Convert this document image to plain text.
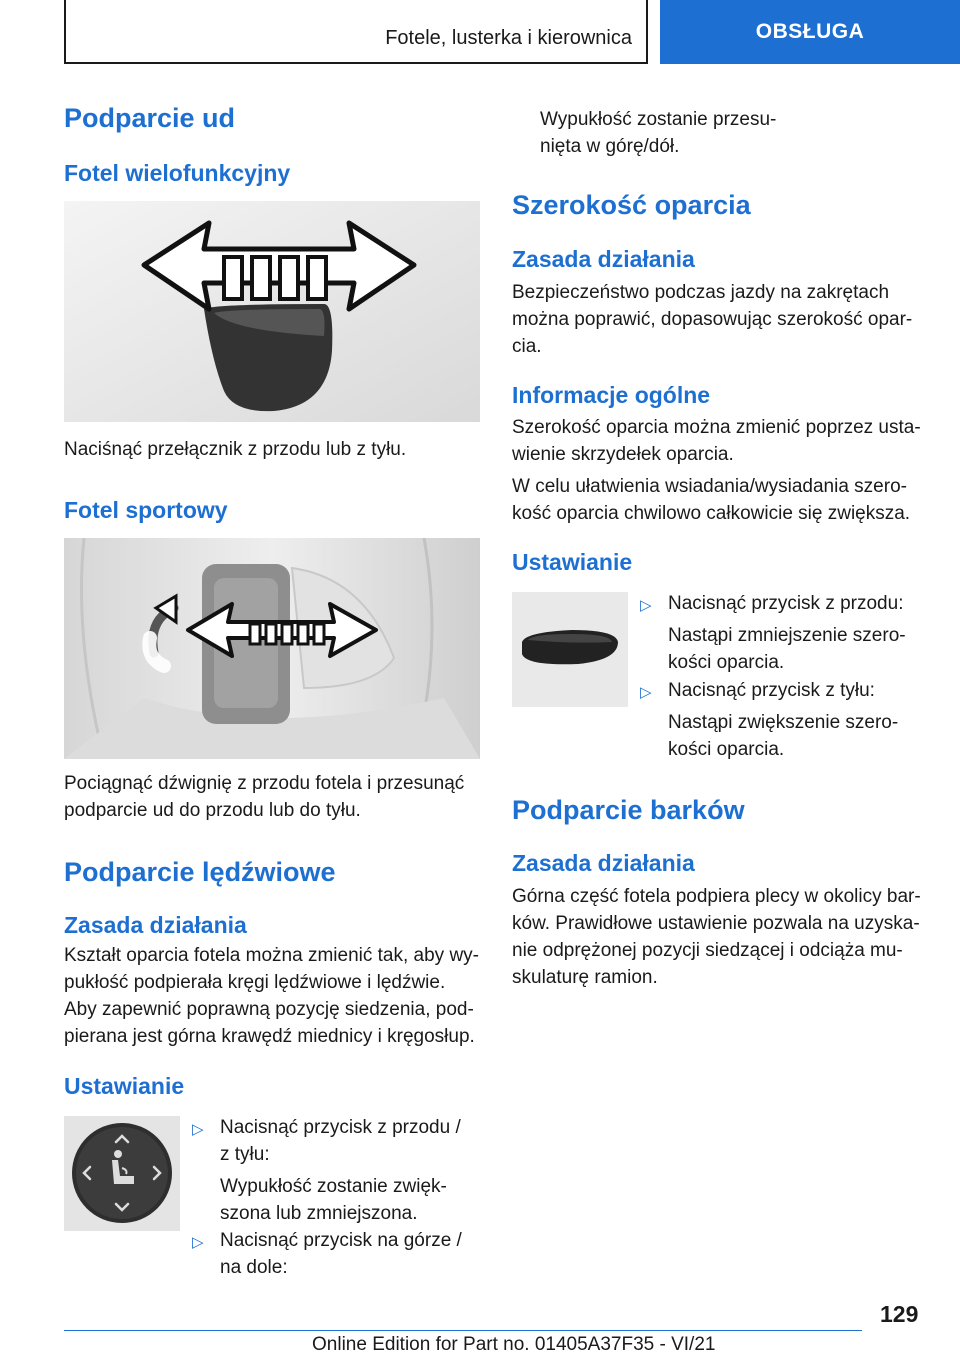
Fotele, lusterka i kierownica	OBSŁUGA
Podparcie ud
Fotel wielofunkcyjny

Naciśnąć przełącznik z przodu lub z tyłu.

Fotel sportowy

Pociągnąć dźwignię z przodu fotela i przesunąć

podparcie ud do przodu lub do tyłu.

Podparcie lędźwiowe
Zasada działania

Kształt oparcia fotela można zmienić tak, aby wy-

pukłość podpierała kręgi lędźwiowe i lędźwie.

Aby zapewnić poprawną pozycję siedzenia, pod-

pierana jest górna krawędź miednicy i kręgosłup.

Ustawianie
▷ Nacisnąć przycisk z przodu /

z tyłu:

Wypukłość zostanie zwięk-

szona lub zmniejszona.

▷ Nacisnąć przycisk na górze /

na dole:

Wypukłość zostanie przesu-

nięta w górę/dół.

Szerokość oparcia
Zasada działania

Bezpieczeństwo podczas jazdy na zakrętach

można poprawić, dopasowując szerokość opar-

cia.

Informacje ogólne

Szerokość oparcia można zmienić poprzez usta-

wienie skrzydełek oparcia.

W celu ułatwienia wsiadania/wysiadania szero-

kość oparcia chwilowo całkowicie się zwiększa.

Ustawianie
▷ Nacisnąć przycisk z przodu:

Nastąpi zmniejszenie szero-

kości oparcia.

▷ Nacisnąć przycisk z tyłu:

Nastąpi zwiększenie szero-

kości oparcia.

Podparcie barków
Zasada działania

Górna część fotela podpiera plecy w okolicy bar-

ków. Prawidłowe ustawienie pozwala na uzyska-

nie odprężonej pozycji siedzącej i odciąża mu-

skulaturę ramion.

129
Online Edition for Part no. 01405A37F35 - VI/21
